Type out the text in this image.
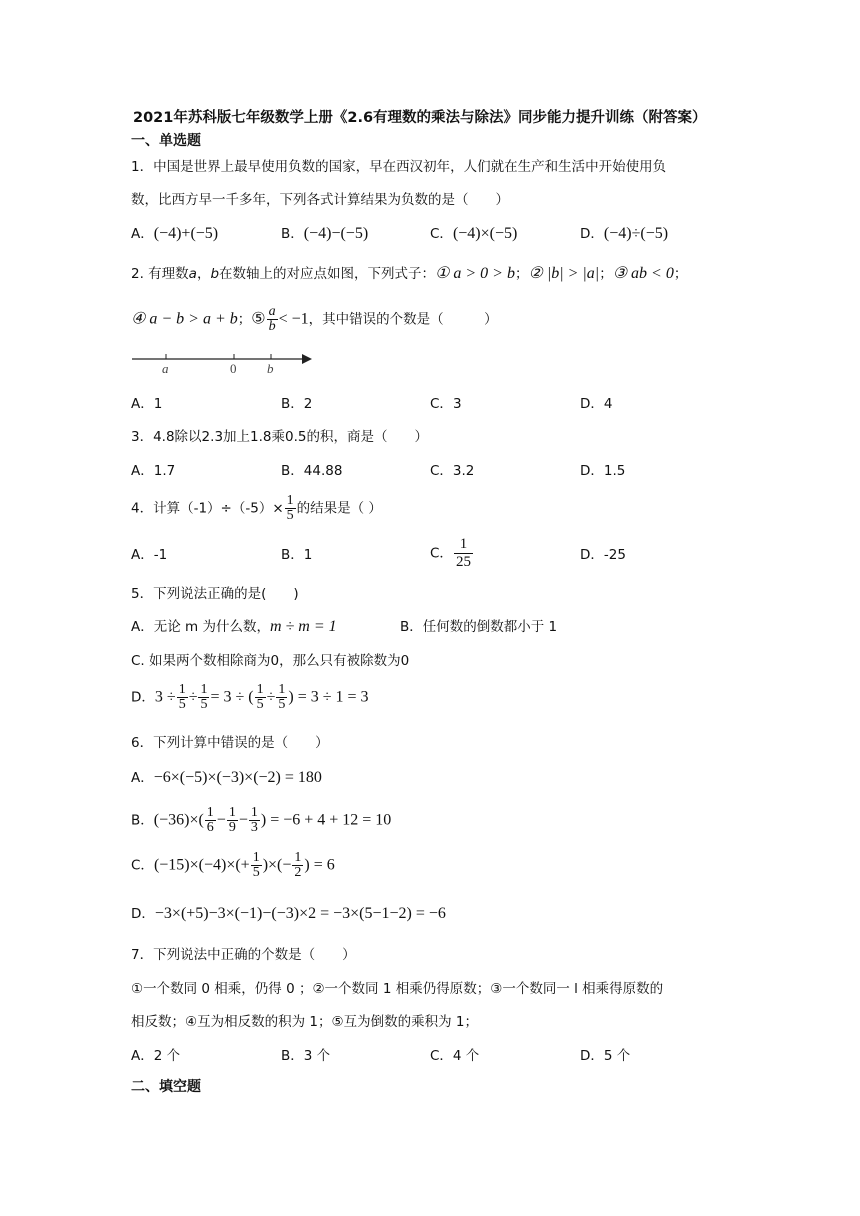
2021年苏科版七年级数学上册《2.6有理数的乘法与除法》同步能力提升训练（附答案）
一、单选题
1．中国是世界上最早使用负数的国家，早在西汉初年，人们就在生产和生活中开始使用负
数，比西方早一千多年，下列各式计算结果为负数的是（　　）
A．(−4)+(−5)	B．(−4)−(−5)	C．(−4)×(−5)	D．(−4)÷(−5)
2. 有理数a，b在数轴上的对应点如图，下列式子：① a > 0 > b；② |b| > |a|；③ ab < 0；
④ a − b > a + b；⑤ $\frac{a}{b} < -1$，其中错误的个数是（　　　）
a	0 b
A．1	B．2	C．3	D．4
3．4.8除以2.3加上1.8乘0.5的积，商是（　　）
A．1.7	B．44.88	C．3.2	D．1.5
4．计算$(-1)\div(-5)\times \frac{1}{5}$ 的结果是（ ）
A．-1	B．1	C． $\frac{1}{25}$	D．-25
5．下列说法正确的是(　　)
A．无论 m 为什么数，m ÷ m = 1	B．任何数的倒数都小于 1
C. 如果两个数相除商为0，那么只有被除数为0
D．$3 \div \frac{1}{5} \div \frac{1}{5} = 3$ ÷ ( $\frac{1}{5} \div \frac{1}{5}$ ) = 3 ÷ 1 = 3
6．下列计算中错误的是（　　）
A．−6×(−5)×(−3)×(−2) = 180
B．$(-36)\times( \frac{1}{6} - \frac{1}{9} - \frac{1}{3}$ ) = −6 + 4 + 12 = 10
C．$(-15)\times(-4)\times(+ \frac{1}{5}$ )×(− $\frac{1}{2}$ ) = 6
D．−3×(+5)−3×(−1)−(−3)×2 = −3×(5−1−2) = −6
7．下列说法中正确的个数是（　　）
①一个数同 0 相乘，仍得 0 ；②一个数同 1 相乘仍得原数；③一个数同一 l 相乘得原数的
相反数；④互为相反数的积为 1；⑤互为倒数的乘积为 1；
A．2 个	B．3 个	C．4 个	D．5 个
二、填空题
